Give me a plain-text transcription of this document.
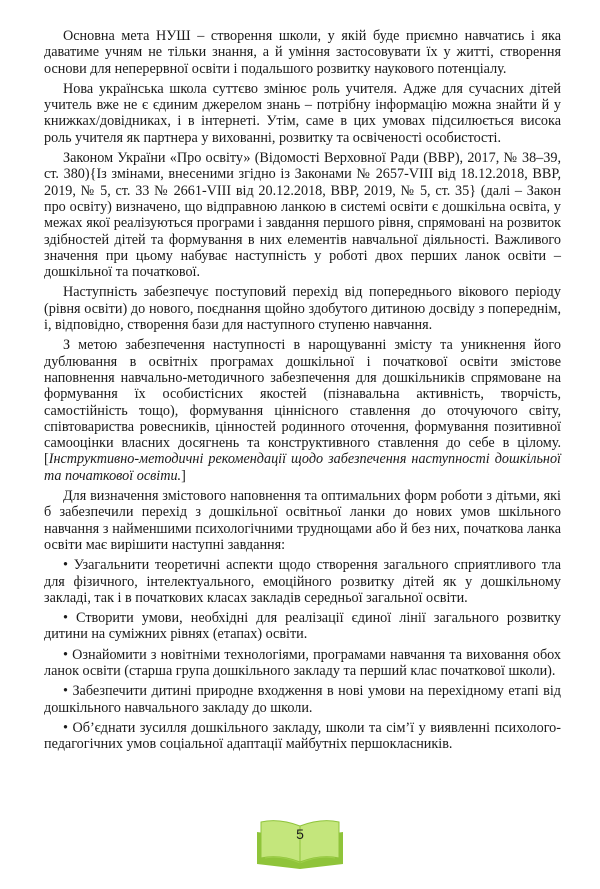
Основна мета НУШ – створення школи, у якій буде приємно навчатись і яка даватиме учням не тільки знання, а й уміння застосовувати їх у житті, створення основи для неперервної освіти і подальшого розвитку наукового потенціалу.

Нова українська школа суттєво змінює роль учителя. Адже для сучасних дітей учитель вже не є єдиним джерелом знань – потрібну інформацію можна знайти й у книжках/довідниках, і в інтернеті. Утім, саме в цих умовах підсилюється висока роль учителя як партнера у вихованні, розвитку та освіченості особистості.

Законом України «Про освіту» (Відомості Верховної Ради (ВВР), 2017, № 38–39, ст. 380){Із змінами, внесеними згідно із Законами № 2657-VIII від 18.12.2018, ВВР, 2019, № 5, ст. 33 № 2661-VIII від 20.12.2018, ВВР, 2019, № 5, ст. 35} (далі – Закон про освіту) визначено, що відправною ланкою в системі освіти є дошкільна освіта, у межах якої реалізуються програми і завдання першого рівня, спрямовані на розвиток здібностей дітей та формування в них елементів навчальної діяльності. Важливого значення при цьому набуває наступність у роботі двох перших ланок освіти – дошкільної та початкової.

Наступність забезпечує поступовий перехід від попереднього вікового періоду (рівня освіти) до нового, поєднання щойно здобутого дитиною досвіду з попереднім, і, відповідно, створення бази для наступного ступеню навчання.

З метою забезпечення наступності в нарощуванні змісту та уникнення його дублювання в освітніх програмах дошкільної і початкової освіти змістове наповнення навчально-методичного забезпечення для дошкільників спрямоване на формування їх особистісних якостей (пізнавальна активність, творчість, самостійність тощо), формування ціннісного ставлення до оточуючого світу, співтовариства ровесників, цінностей родинного оточення, формування позитивної самооцінки власних досягнень та конструктивного ставлення до себе в цілому. [Інструктивно-методичні рекомендації щодо забезпечення наступності дошкільної та початкової освіти.]

Для визначення змістового наповнення та оптимальних форм роботи з дітьми, які б забезпечили перехід з дошкільної освітньої ланки до нових умов шкільного навчання з найменшими психологічними труднощами або й без них, початкова ланка освіти має вирішити наступні завдання:

• Узагальнити теоретичні аспекти щодо створення загального сприятливого тла для фізичного, інтелектуального, емоційного розвитку дітей як у дошкільному закладі, так і в початкових класах закладів середньої загальної освіти.

• Створити умови, необхідні для реалізації єдиної лінії загального розвитку дитини на суміжних рівнях (етапах) освіти.

• Ознайомити з новітніми технологіями, програмами навчання та виховання обох ланок освіти (старша група дошкільного закладу та перший клас початкової школи).

• Забезпечити дитині природне входження в нові умови на перехідному етапі від дошкільного навчального закладу до школи.

• Об’єднати зусилля дошкільного закладу, школи та сім’ї у виявленні психолого-педагогічних умов соціальної адаптації майбутніх першокласників.

5
